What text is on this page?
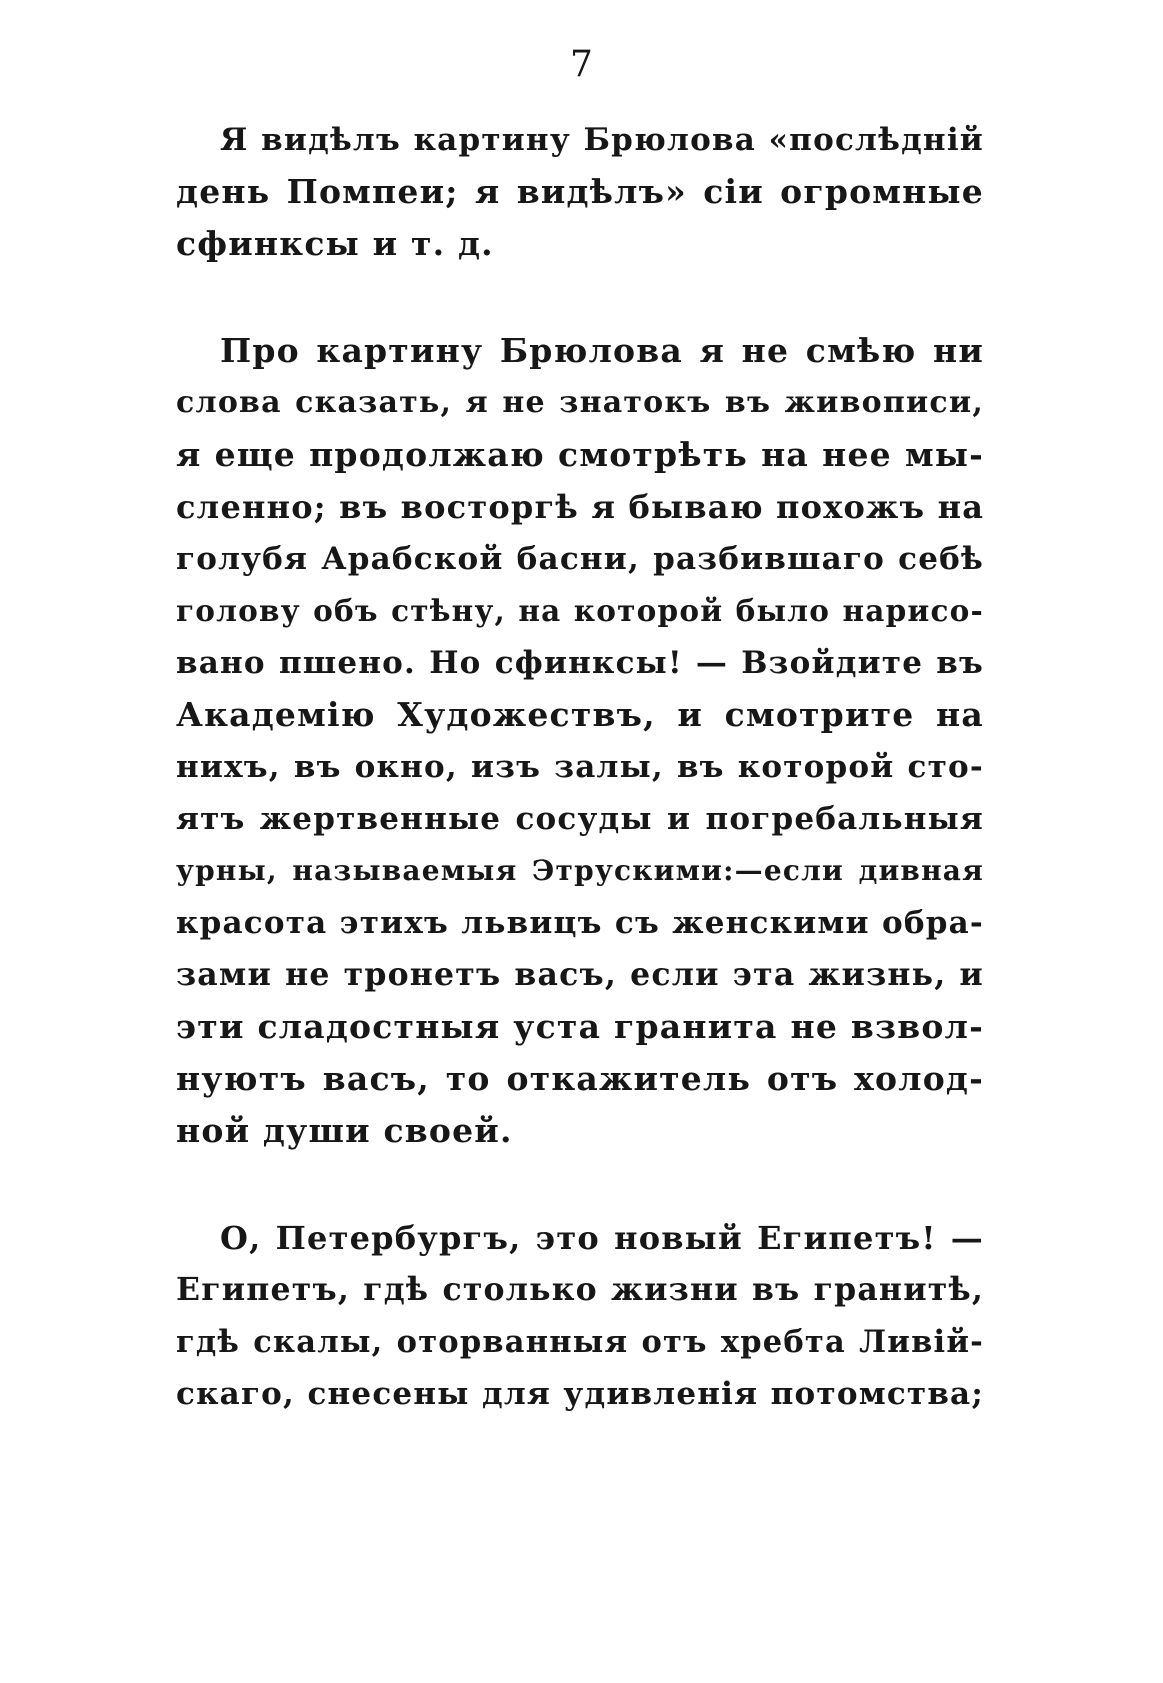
7
Я видѣлъ картину Брюлова «послѣдній
день Помпеи; я видѣлъ» сіи огромные
сфинксы и т. д.
Про картину Брюлова я не смѣю ни
слова сказать, я не знатокъ въ живописи,
я еще продолжаю смотрѣть на нее мы-
сленно; въ восторгѣ я бываю похожъ на
голубя Арабской басни, разбившаго себѣ
голову объ стѣну, на которой было нарисо-
вано пшено. Но сфинксы! — Взойдите въ
Академію Художествъ, и смотрите на
нихъ, въ окно, изъ залы, въ которой сто-
ятъ жертвенные сосуды и погребальныя
урны, называемыя Этрускими:—если дивная
красота этихъ львицъ съ женскими обра-
зами не тронетъ васъ, если эта жизнь, и
эти сладостныя уста гранита не взвол-
нуютъ васъ, то откажитель отъ холод-
ной души своей.
О, Петербургъ, это новый Египетъ! —
Египетъ, гдѣ столько жизни въ гранитѣ,
гдѣ скалы, оторванныя отъ хребта Ливій-
скаго, снесены для удивленія потомства;
